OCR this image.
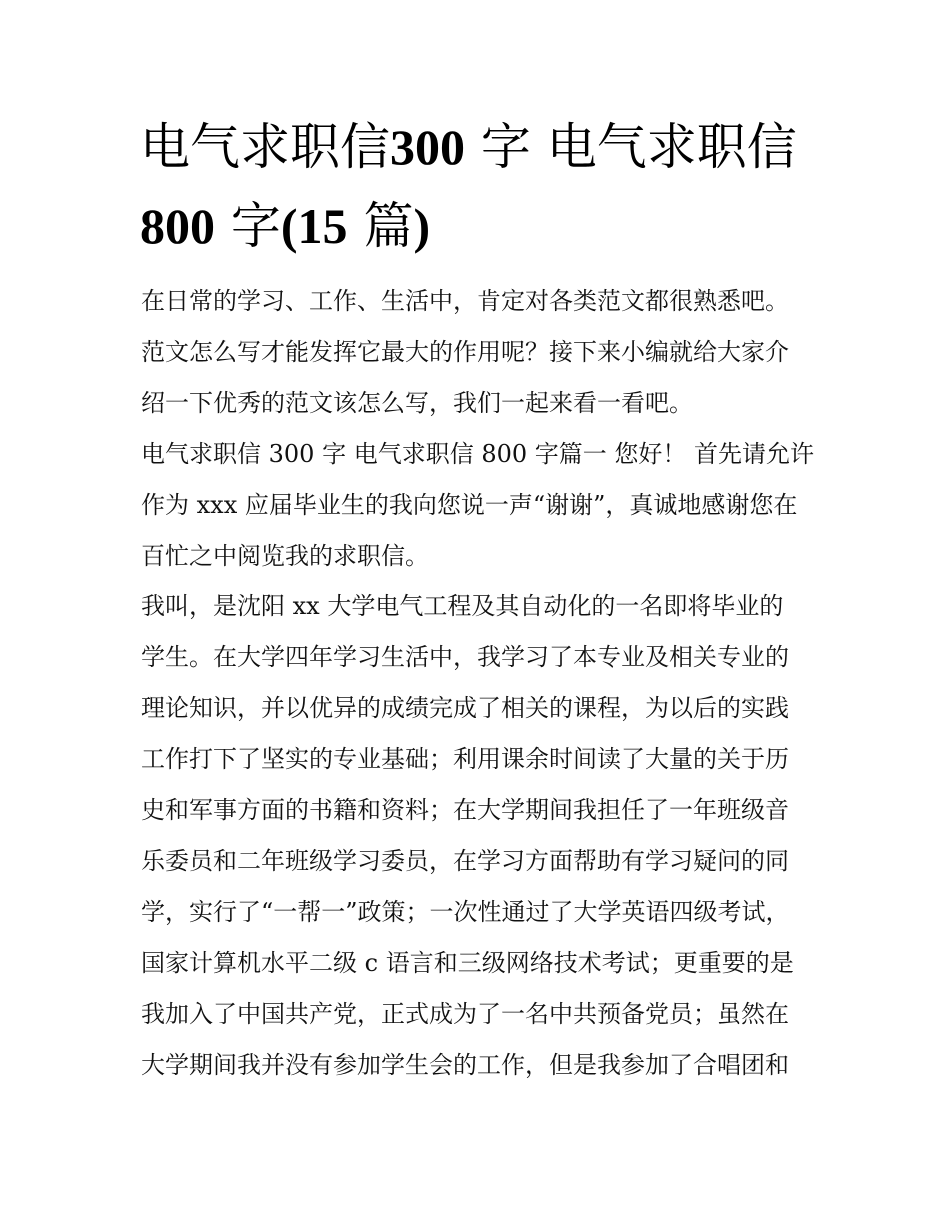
电气求职信300 字 电气求职信
800 字(15 篇)

在日常的学习、工作、生活中，肯定对各类范文都很熟悉吧。
范文怎么写才能发挥它最大的作用呢？接下来小编就给大家介
绍一下优秀的范文该怎么写，我们一起来看一看吧。

电气求职信 300 字 电气求职信 800 字篇一 您好！ 首先请允许
作为 xxx 应届毕业生的我向您说一声“谢谢”，真诚地感谢您在
百忙之中阅览我的求职信。

我叫，是沈阳 xx 大学电气工程及其自动化的一名即将毕业的
学生。在大学四年学习生活中，我学习了本专业及相关专业的
理论知识，并以优异的成绩完成了相关的课程，为以后的实践
工作打下了坚实的专业基础；利用课余时间读了大量的关于历
史和军事方面的书籍和资料；在大学期间我担任了一年班级音
乐委员和二年班级学习委员，在学习方面帮助有学习疑问的同
学，实行了“一帮一”政策；一次性通过了大学英语四级考试，
国家计算机水平二级 c 语言和三级网络技术考试；更重要的是
我加入了中国共产党，正式成为了一名中共预备党员；虽然在
大学期间我并没有参加学生会的工作，但是我参加了合唱团和
